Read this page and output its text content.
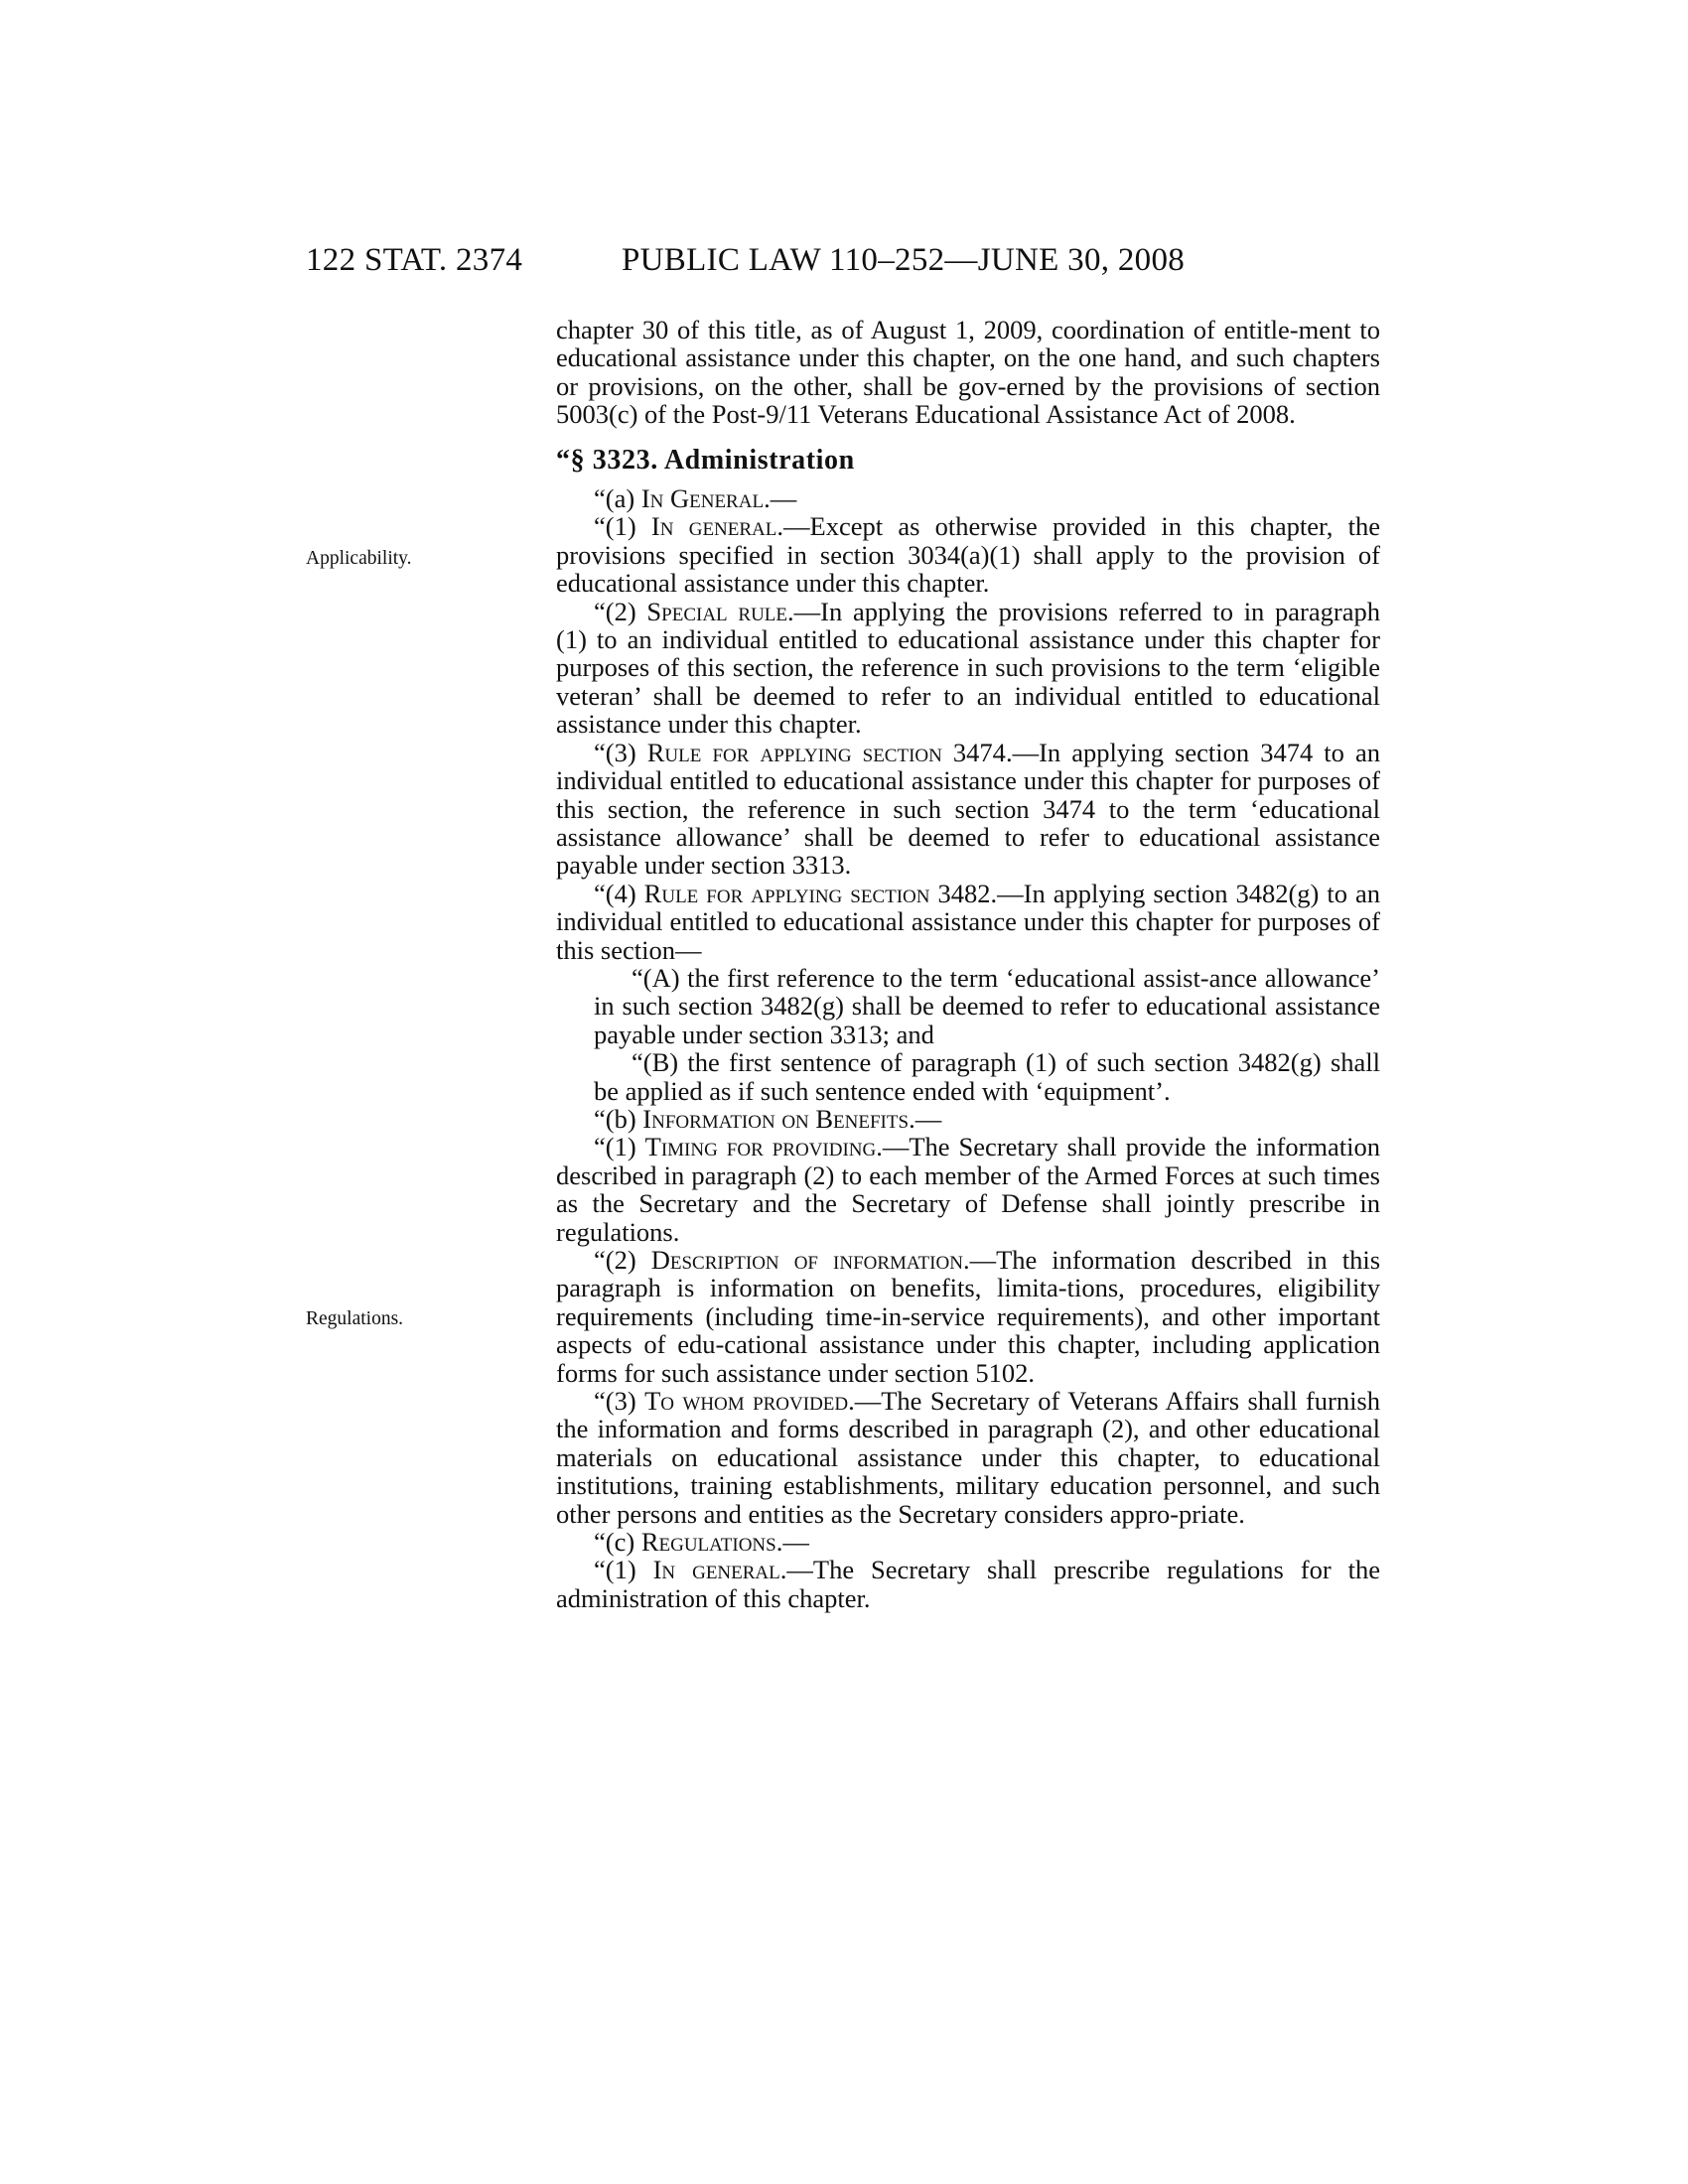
122 STAT. 2374	PUBLIC LAW 110–252—JUNE 30, 2008
Applicability.
Regulations.

chapter 30 of this title, as of August 1, 2009, coordination of entitle-ment to educational assistance under this chapter, on the one hand, and such chapters or provisions, on the other, shall be gov-erned by the provisions of section 5003(c) of the Post-9/11 Veterans Educational Assistance Act of 2008.

“§ 3323. Administration

“(a) In General.—

“(1) In general.—Except as otherwise provided in this chapter, the provisions specified in section 3034(a)(1) shall apply to the provision of educational assistance under this chapter.

“(2) Special rule.—In applying the provisions referred to in paragraph (1) to an individual entitled to educational assistance under this chapter for purposes of this section, the reference in such provisions to the term ‘eligible veteran’ shall be deemed to refer to an individual entitled to educational assistance under this chapter.

“(3) Rule for applying section 3474.—In applying section 3474 to an individual entitled to educational assistance under this chapter for purposes of this section, the reference in such section 3474 to the term ‘educational assistance allowance’ shall be deemed to refer to educational assistance payable under section 3313.

“(4) Rule for applying section 3482.—In applying section 3482(g) to an individual entitled to educational assistance under this chapter for purposes of this section—

“(A) the first reference to the term ‘educational assist-ance allowance’ in such section 3482(g) shall be deemed to refer to educational assistance payable under section 3313; and

“(B) the first sentence of paragraph (1) of such section 3482(g) shall be applied as if such sentence ended with ‘equipment’.

“(b) Information on Benefits.—

“(1) Timing for providing.—The Secretary shall provide the information described in paragraph (2) to each member of the Armed Forces at such times as the Secretary and the Secretary of Defense shall jointly prescribe in regulations.

“(2) Description of information.—The information described in this paragraph is information on benefits, limita-tions, procedures, eligibility requirements (including time-in-service requirements), and other important aspects of edu-cational assistance under this chapter, including application forms for such assistance under section 5102.

“(3) To whom provided.—The Secretary of Veterans Affairs shall furnish the information and forms described in paragraph (2), and other educational materials on educational assistance under this chapter, to educational institutions, training establishments, military education personnel, and such other persons and entities as the Secretary considers appro-priate.

“(c) Regulations.—

“(1) In general.—The Secretary shall prescribe regulations for the administration of this chapter.
